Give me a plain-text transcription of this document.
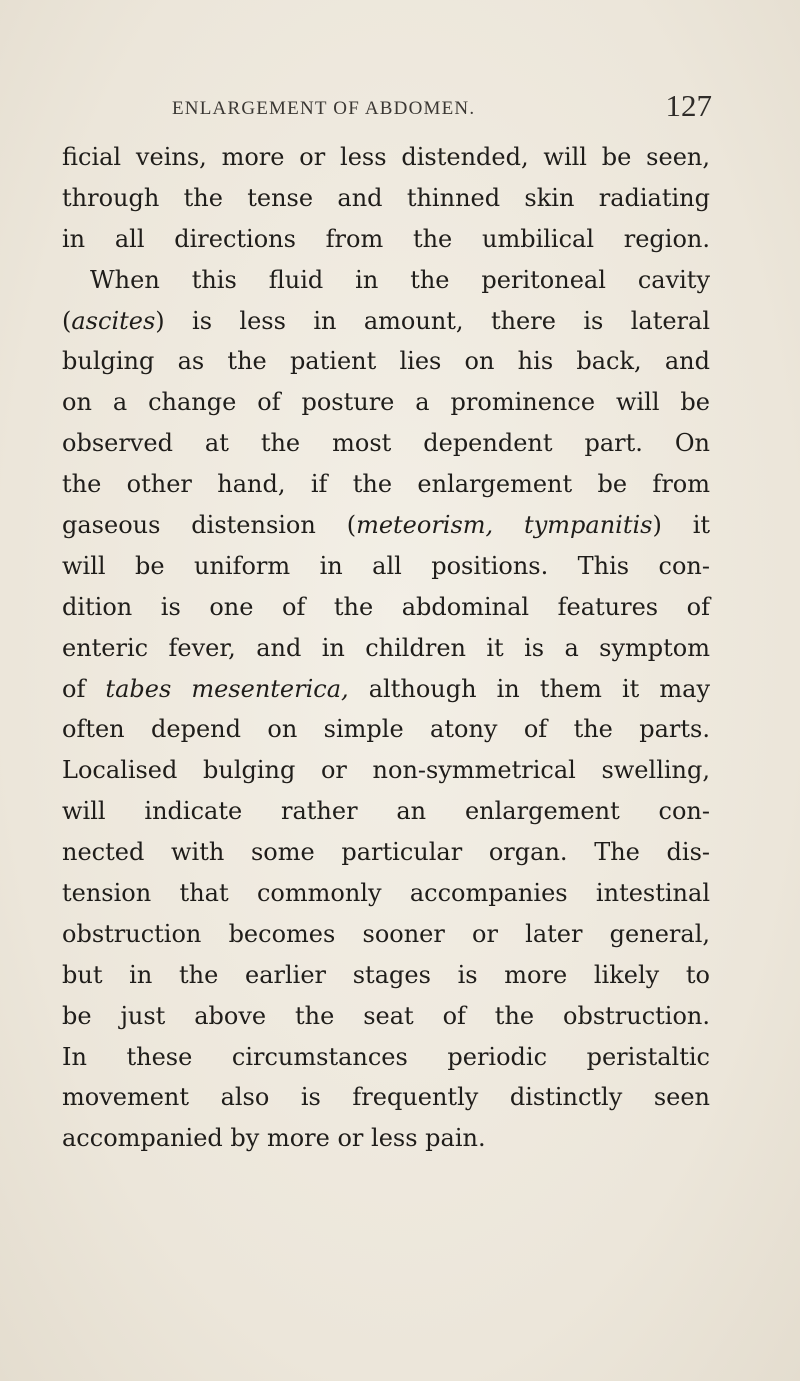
ENLARGEMENT OF ABDOMEN.	127
ficial veins, more or less distended, will be seen,
through the tense and thinned skin radiating
in all directions from the umbilical region.
When this fluid in the peritoneal cavity
(ascites) is less in amount, there is lateral
bulging as the patient lies on his back, and
on a change of posture a prominence will be
observed at the most dependent part. On
the other hand, if the enlargement be from
gaseous distension (meteorism, tympanitis) it
will be uniform in all positions. This con-
dition is one of the abdominal features of
enteric fever, and in children it is a symptom
of tabes mesenterica, although in them it may
often depend on simple atony of the parts.
Localised bulging or non-symmetrical swelling,
will indicate rather an enlargement con-
nected with some particular organ. The dis-
tension that commonly accompanies intestinal
obstruction becomes sooner or later general,
but in the earlier stages is more likely to
be just above the seat of the obstruction.
In these circumstances periodic peristaltic
movement also is frequently distinctly seen
accompanied by more or less pain.
